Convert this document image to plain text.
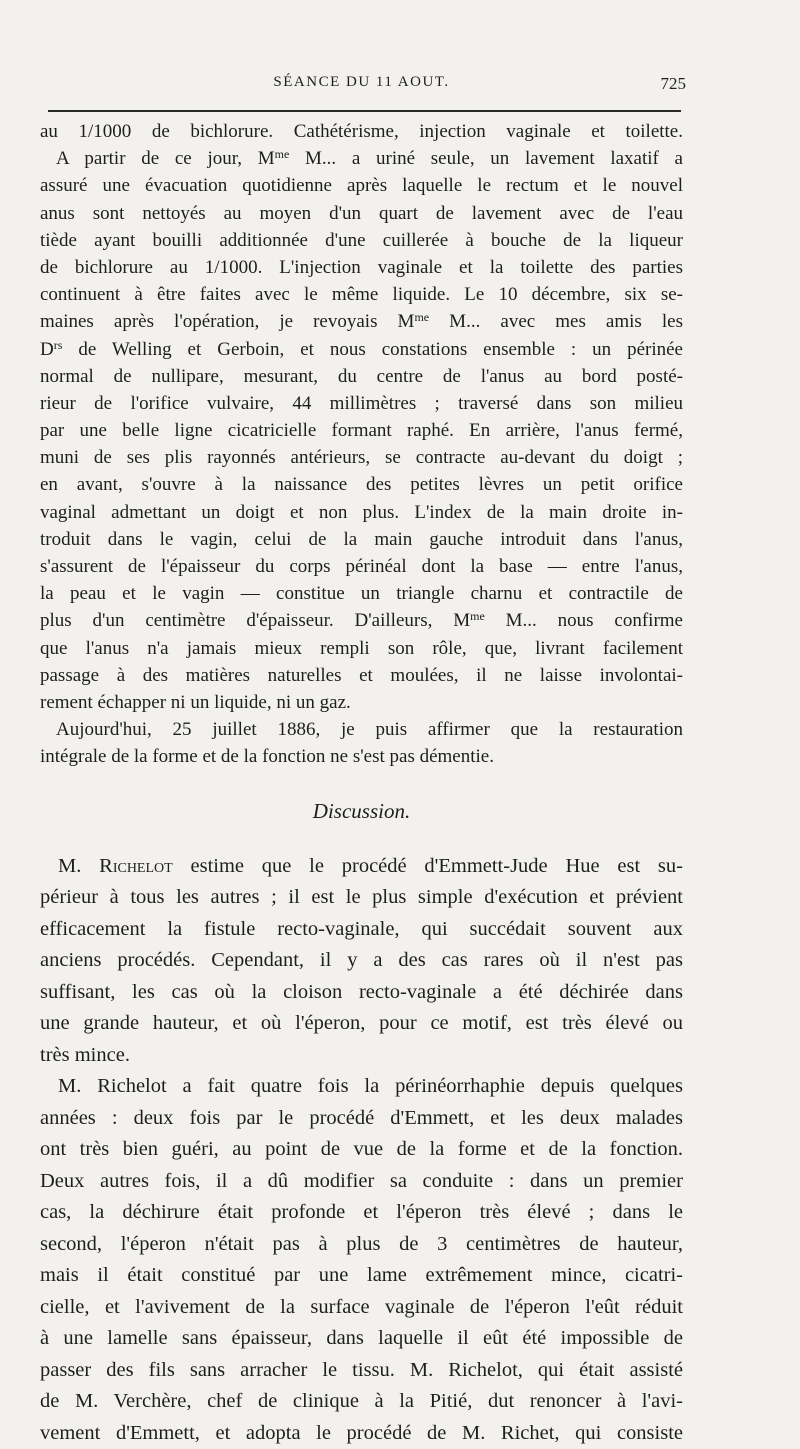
SÉANCE DU 11 AOUT.	725
au 1/1000 de bichlorure. Cathétérisme, injection vaginale et toilette.
A partir de ce jour, $M^{me}$ M... a uriné seule, un lavement laxatif a
assuré une évacuation quotidienne après laquelle le rectum et le nouvel
anus sont nettoyés au moyen d'un quart de lavement avec de l'eau
tiède ayant bouilli additionnée d'une cuillerée à bouche de la liqueur
de bichlorure au 1/1000. L'injection vaginale et la toilette des parties
continuent à être faites avec le même liquide. Le 10 décembre, six se-
maines après l'opération, je revoyais $M^{me}$ M... avec mes amis les
$D^{rs}$ de Welling et Gerboin, et nous constations ensemble : un périnée
normal de nullipare, mesurant, du centre de l'anus au bord posté-
rieur de l'orifice vulvaire, 44 millimètres ; traversé dans son milieu
par une belle ligne cicatricielle formant raphé. En arrière, l'anus fermé,
muni de ses plis rayonnés antérieurs, se contracte au-devant du doigt ;
en avant, s'ouvre à la naissance des petites lèvres un petit orifice
vaginal admettant un doigt et non plus. L'index de la main droite in-
troduit dans le vagin, celui de la main gauche introduit dans l'anus,
s'assurent de l'épaisseur du corps périnéal dont la base — entre l'anus,
la peau et le vagin — constitue un triangle charnu et contractile de
plus d'un centimètre d'épaisseur. D'ailleurs, $M^{me}$ M... nous confirme
que l'anus n'a jamais mieux rempli son rôle, que, livrant facilement
passage à des matières naturelles et moulées, il ne laisse involontai-
rement échapper ni un liquide, ni un gaz.
Aujourd'hui, 25 juillet 1886, je puis affirmer que la restauration
intégrale de la forme et de la fonction ne s'est pas démentie.
Discussion.
M. Richelot estime que le procédé d'Emmett-Jude Hue est su-
périeur à tous les autres ; il est le plus simple d'exécution et prévient
efficacement la fistule recto-vaginale, qui succédait souvent aux
anciens procédés. Cependant, il y a des cas rares où il n'est pas
suffisant, les cas où la cloison recto-vaginale a été déchirée dans
une grande hauteur, et où l'éperon, pour ce motif, est très élevé ou
très mince.
M. Richelot a fait quatre fois la périnéorrhaphie depuis quelques
années : deux fois par le procédé d'Emmett, et les deux malades
ont très bien guéri, au point de vue de la forme et de la fonction.
Deux autres fois, il a dû modifier sa conduite : dans un premier
cas, la déchirure était profonde et l'éperon très élevé ; dans le
second, l'éperon n'était pas à plus de 3 centimètres de hauteur,
mais il était constitué par une lame extrêmement mince, cicatri-
cielle, et l'avivement de la surface vaginale de l'éperon l'eût réduit
à une lamelle sans épaisseur, dans laquelle il eût été impossible de
passer des fils sans arracher le tissu. M. Richelot, qui était assisté
de M. Verchère, chef de clinique à la Pitié, dut renoncer à l'avi-
vement d'Emmett, et adopta le procédé de M. Richet, qui consiste
